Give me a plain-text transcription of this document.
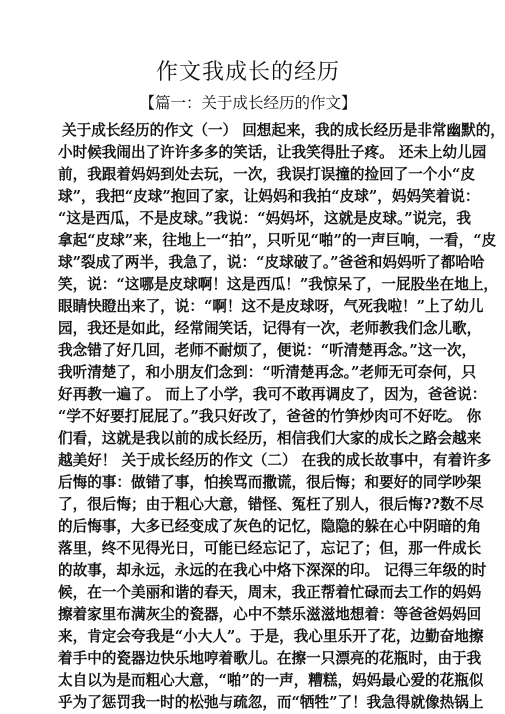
作文我成长的经历

【篇一：关于成长经历的作文】

关于成长经历的作文（一） 回想起来，我的成长经历是非常幽默的，
小时候我闹出了许许多多的笑话，让我笑得肚子疼。 还未上幼儿园
前，我跟着妈妈到处去玩，一次，我误打误撞的捡回了一个小“皮
球”，我把“皮球”抱回了家，让妈妈和我拍“皮球”，妈妈笑着说：
“这是西瓜，不是皮球。”我说：“妈妈坏，这就是皮球。”说完，我
拿起“皮球”来，往地上一“拍”，只听见“啪”的一声巨响，一看，“皮
球”裂成了两半，我急了，说：“皮球破了。”爸爸和妈妈听了都哈哈
笑，说：“这哪是皮球啊！这是西瓜！”我惊呆了，一屁股坐在地上，
眼睛快瞪出来了，说：“啊！这不是皮球呀，气死我啦！”上了幼儿
园，我还是如此，经常闹笑话，记得有一次，老师教我们念儿歌，
我念错了好几回，老师不耐烦了，便说：“听清楚再念。”这一次，
我听清楚了，和小朋友们念到：“听清楚再念。”老师无可奈何，只
好再教一遍了。 而上了小学，我可不敢再调皮了，因为，爸爸说：
“学不好要打屁屁了。”我只好改了，爸爸的竹笋炒肉可不好吃。 你
们看，这就是我以前的成长经历，相信我们大家的成长之路会越来
越美好！ 关于成长经历的作文（二） 在我的成长故事中，有着许多
后悔的事：做错了事，怕挨骂而撒谎，很后悔；和要好的同学吵架
了，很后悔；由于粗心大意，错怪、冤枉了别人，很后悔??数不尽
的后悔事，大多已经变成了灰色的记忆，隐隐的躲在心中阴暗的角
落里，终不见得光日，可能已经忘记了，忘记了；但，那一件成长
的故事，却永远，永远的在我心中烙下深深的印。 记得三年级的时
候，在一个美丽和谐的春天，周末，我正帮着忙碌而去工作的妈妈
擦着家里布满灰尘的瓷器，心中不禁乐滋滋地想着：等爸爸妈妈回
来，肯定会夸我是“小大人”。于是，我心里乐开了花，边勤奋地擦
着手中的瓷器边快乐地哼着歌儿。在擦一只漂亮的花瓶时，由于我
太自以为是而粗心大意，“啪”的一声，糟糕，妈妈最心爱的花瓶似
乎为了惩罚我一时的松弛与疏忽，而“牺牲”了！我急得就像热锅上
